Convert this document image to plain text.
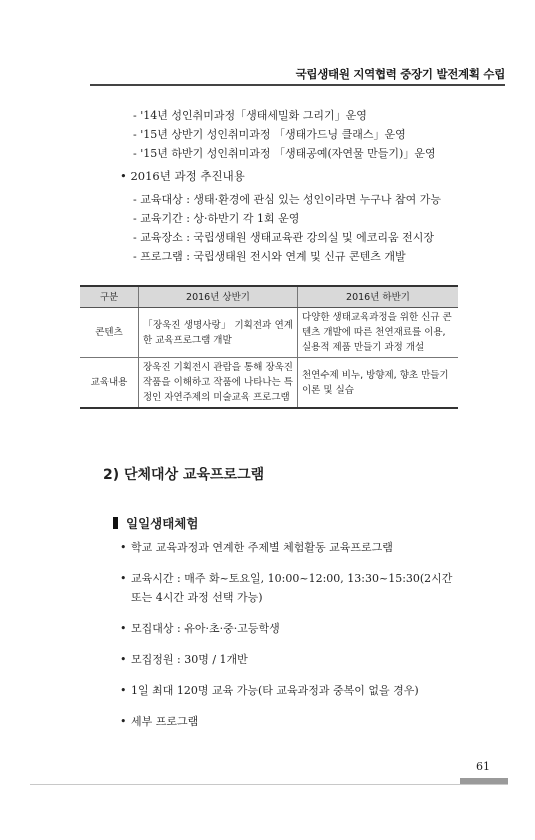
국립생태원 지역협력 중장기 발전계획 수립
- '14년 성인취미과정「생태세밀화 그리기」운영
- '15년 상반기 성인취미과정 「생태가드닝 클래스」운영
- '15년 하반기 성인취미과정 「생태공예(자연물 만들기)」운영
• 2016년 과정 추진내용
- 교육대상 : 생태·환경에 관심 있는 성인이라면 누구나 참여 가능
- 교육기간 : 상·하반기 각 1회 운영
- 교육장소 : 국립생태원 생태교육관 강의실 및 에코리움 전시장
- 프로그램 : 국립생태원 전시와 연계 및 신규 콘텐츠 개발
구분	2016년 상반기	2016년 하반기
콘텐츠	「장욱진 생명사랑」 기획전과 연계한 교육프로그램 개발	다양한 생태교육과정을 위한 신규 콘텐츠 개발에 따른 천연재료를 이용, 실용적 제품 만들기 과정 개설
교육내용	장욱진 기획전시 관람을 통해 장욱진 작품을 이해하고 작품에 나타나는 특정인 자연주제의 미술교육 프로그램	천연수제 비누, 방향제, 향초 만들기 이론 및 실습
2) 단체대상 교육프로그램
일일생태체험
• 학교 교육과정과 연계한 주제별 체험활동 교육프로그램
• 교육시간 : 매주 화~토요일, 10:00~12:00, 13:30~15:30(2시간 또는 4시간 과정 선택 가능)
• 모집대상 : 유아·초·중·고등학생
• 모집정원 : 30명 / 1개반
• 1일 최대 120명 교육 가능(타 교육과정과 중복이 없을 경우)
• 세부 프로그램
61
